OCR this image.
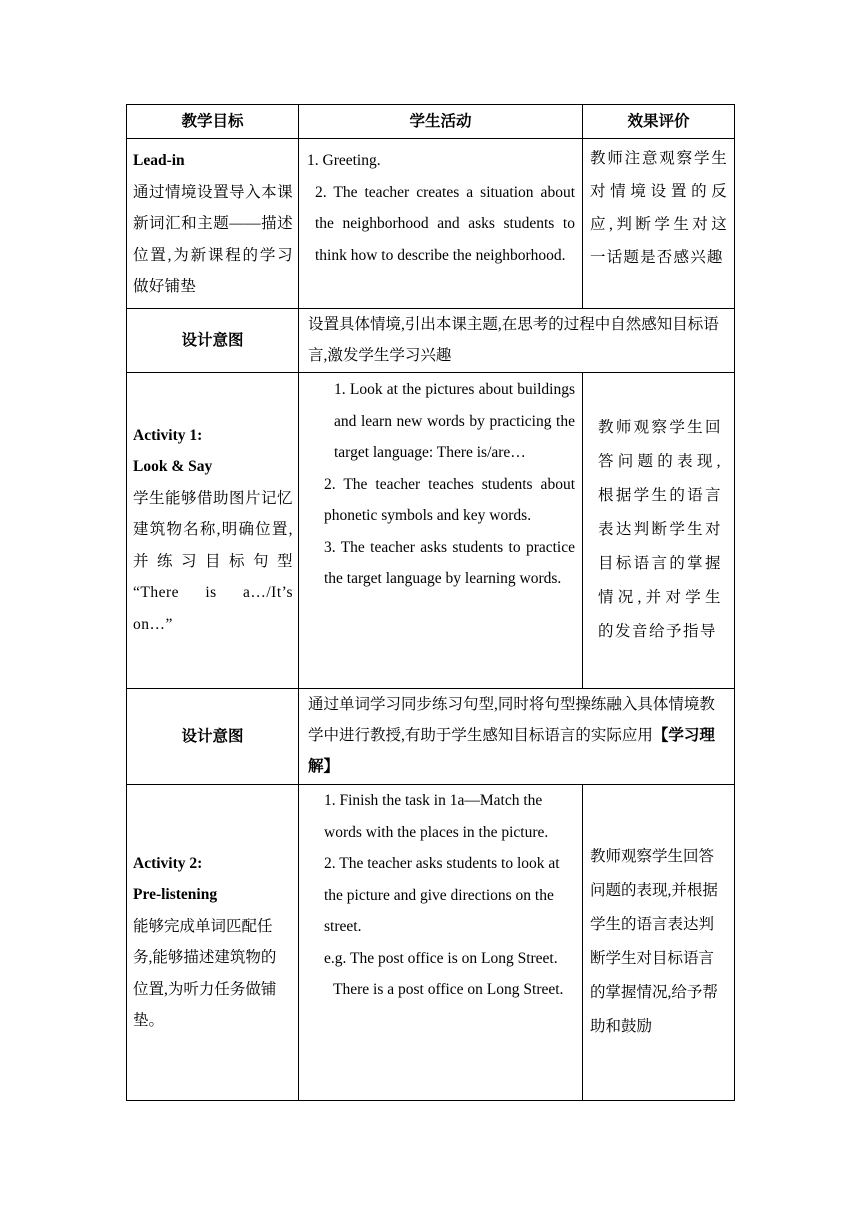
教学目标	学生活动	效果评价

Lead-in

通过情境设置导入本课新词汇和主题——描述位置,为新课程的学习做好铺垫

1. Greeting.

2. The teacher creates a situation about the neighborhood and asks students to think how to describe the neighborhood.

教师注意观察学生对情境设置的反应,判断学生对这一话题是否感兴趣
设计意图
设置具体情境,引出本课主题,在思考的过程中自然感知目标语言,激发学生学习兴趣

Activity 1:

Look & Say

学生能够借助图片记忆建筑物名称,明确位置,并练习目标句型 “There is a…/It’s on…”

1. Look at the pictures about buildings and learn new words by practicing the target language: There is/are…

2. The teacher teaches students about phonetic symbols and key words.

3. The teacher asks students to practice the target language by learning words.

教师观察学生回答问题的表现,根据学生的语言表达判断学生对目标语言的掌握情况,并对学生的发音给予指导
设计意图
通过单词学习同步练习句型,同时将句型操练融入具体情境教学中进行教授,有助于学生感知目标语言的实际应用【学习理解】

Activity 2:

Pre-listening

能够完成单词匹配任务,能够描述建筑物的位置,为听力任务做铺垫。

1. Finish the task in 1a—Match the words with the places in the picture.

2. The teacher asks students to look at the picture and give directions on the street.

e.g. The post office is on Long Street.

There is a post office on Long Street.

教师观察学生回答问题的表现,并根据学生的语言表达判断学生对目标语言的掌握情况,给予帮助和鼓励
